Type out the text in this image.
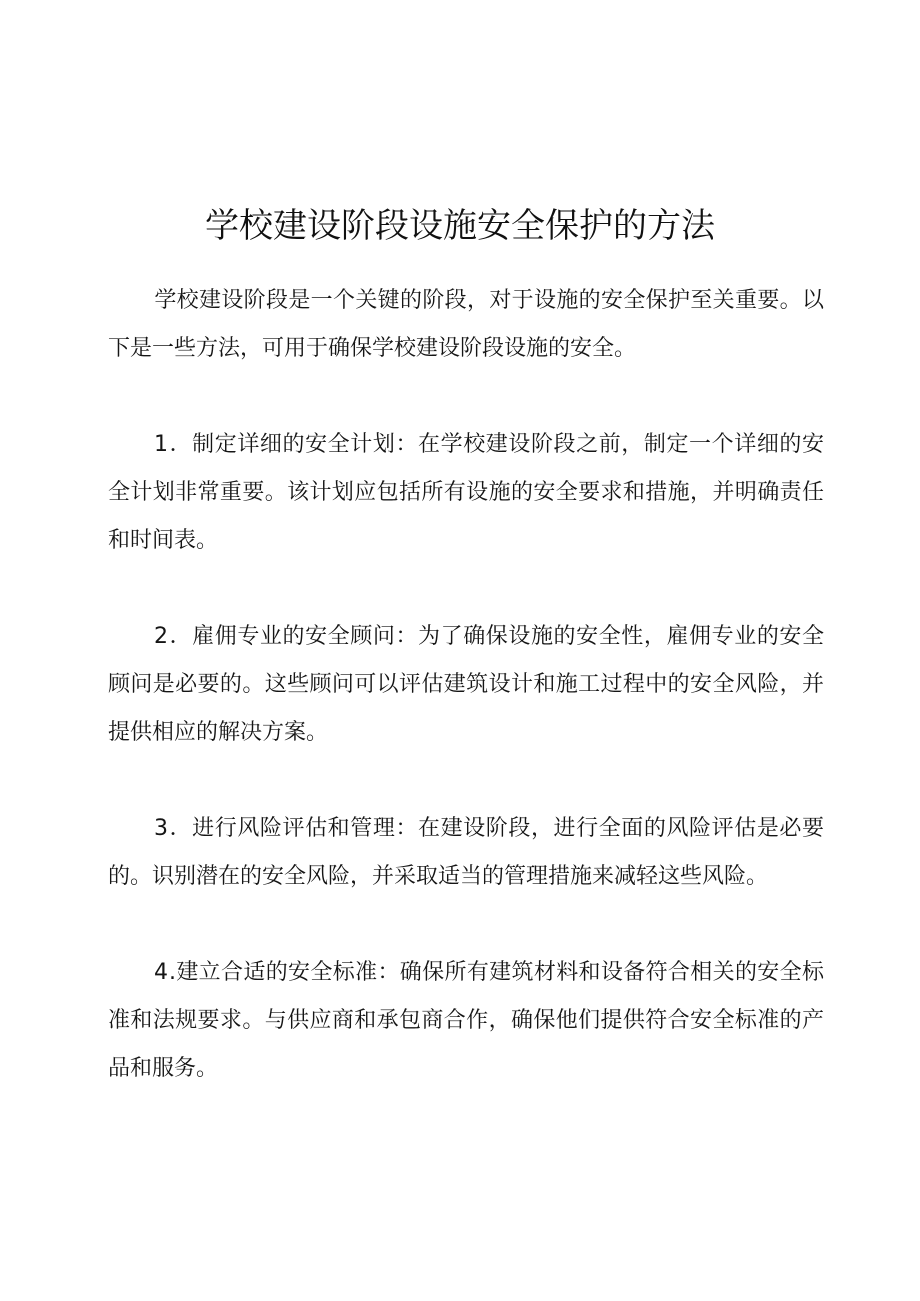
学校建设阶段设施安全保护的方法

学校建设阶段是一个关键的阶段，对于设施的安全保护至关重要。以下是一些方法，可用于确保学校建设阶段设施的安全。

1．制定详细的安全计划：在学校建设阶段之前，制定一个详细的安全计划非常重要。该计划应包括所有设施的安全要求和措施，并明确责任和时间表。

2．雇佣专业的安全顾问：为了确保设施的安全性，雇佣专业的安全顾问是必要的。这些顾问可以评估建筑设计和施工过程中的安全风险，并提供相应的解决方案。

3．进行风险评估和管理：在建设阶段，进行全面的风险评估是必要的。识别潜在的安全风险，并采取适当的管理措施来减轻这些风险。

4.建立合适的安全标准：确保所有建筑材料和设备符合相关的安全标准和法规要求。与供应商和承包商合作，确保他们提供符合安全标准的产品和服务。
